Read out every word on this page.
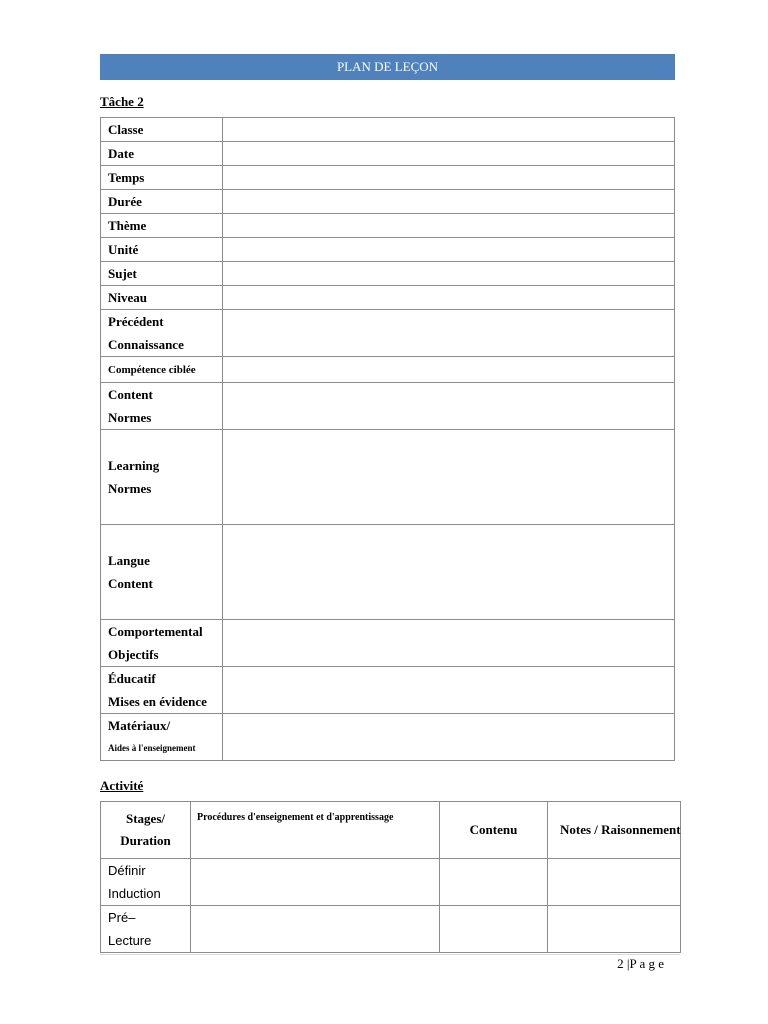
PLAN DE LEÇON
Tâche 2
Classe	
Date	
Temps	
Durée	
Thème	
Unité	
Sujet	
Niveau	

Précédent
Connaissance	

Compétence ciblée	

Content
Normes	

Learning
Normes	

Langue
Content	

Comportemental
Objectifs	

Éducatif
Mises en évidence	

Matériaux/
Aides à l'enseignement	

Activité
Stages/
Duration	Procédures d'enseignement et d'apprentissage	Contenu	Notes / Raisonnement

Définir
Induction			

Pré–
Lecture			

2 |P a g e
